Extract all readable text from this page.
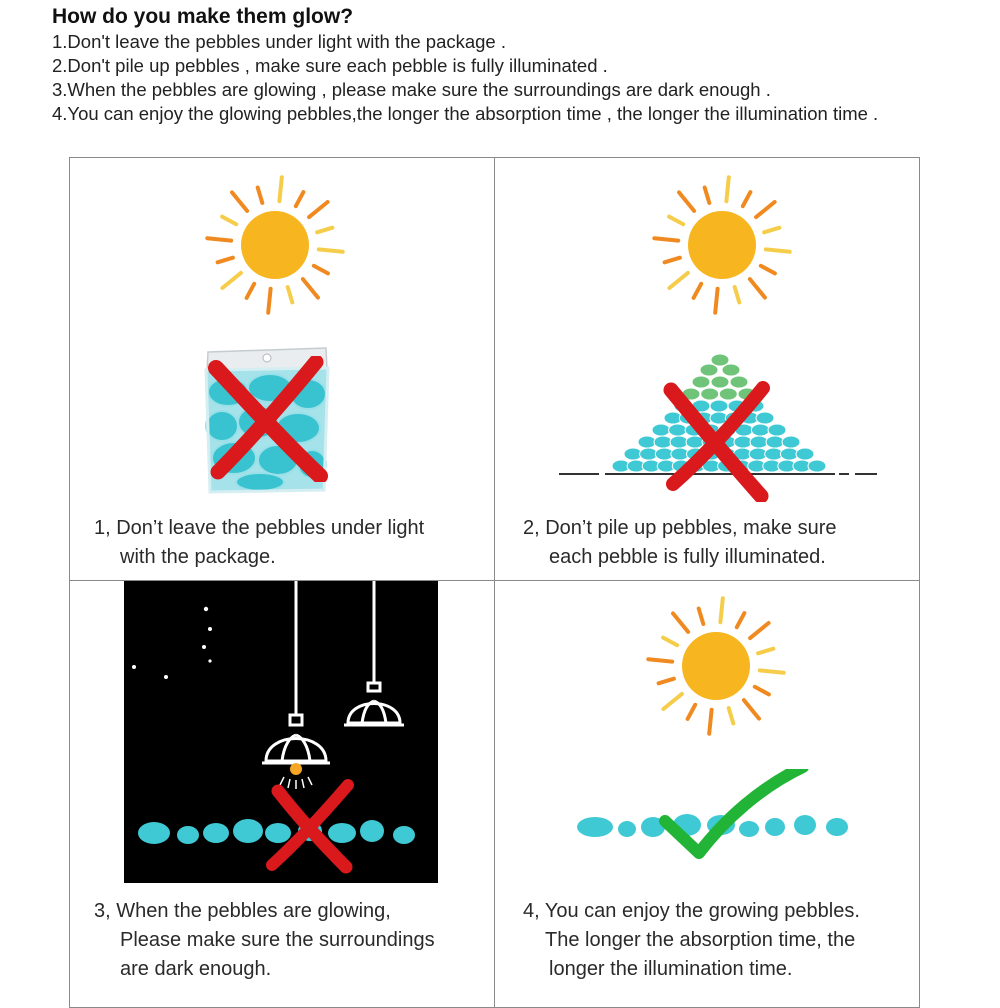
How do you make them glow?
1.Don't leave the pebbles under light with the package .
2.Don't pile up pebbles , make sure each pebble is fully illuminated .
3.When the pebbles are glowing , please make sure the surroundings are dark enough .
4.You can enjoy the glowing pebbles,the longer the absorption time , the longer the illumination time .
1, Don’t leave the pebbles under light
with the package.
2, Don’t pile up pebbles, make sure
each pebble is fully illuminated.
3, When the pebbles are glowing,
Please make sure the surroundings
are dark enough.
4, You can enjoy the growing pebbles.
The longer the absorption time, the
longer the illumination time.
